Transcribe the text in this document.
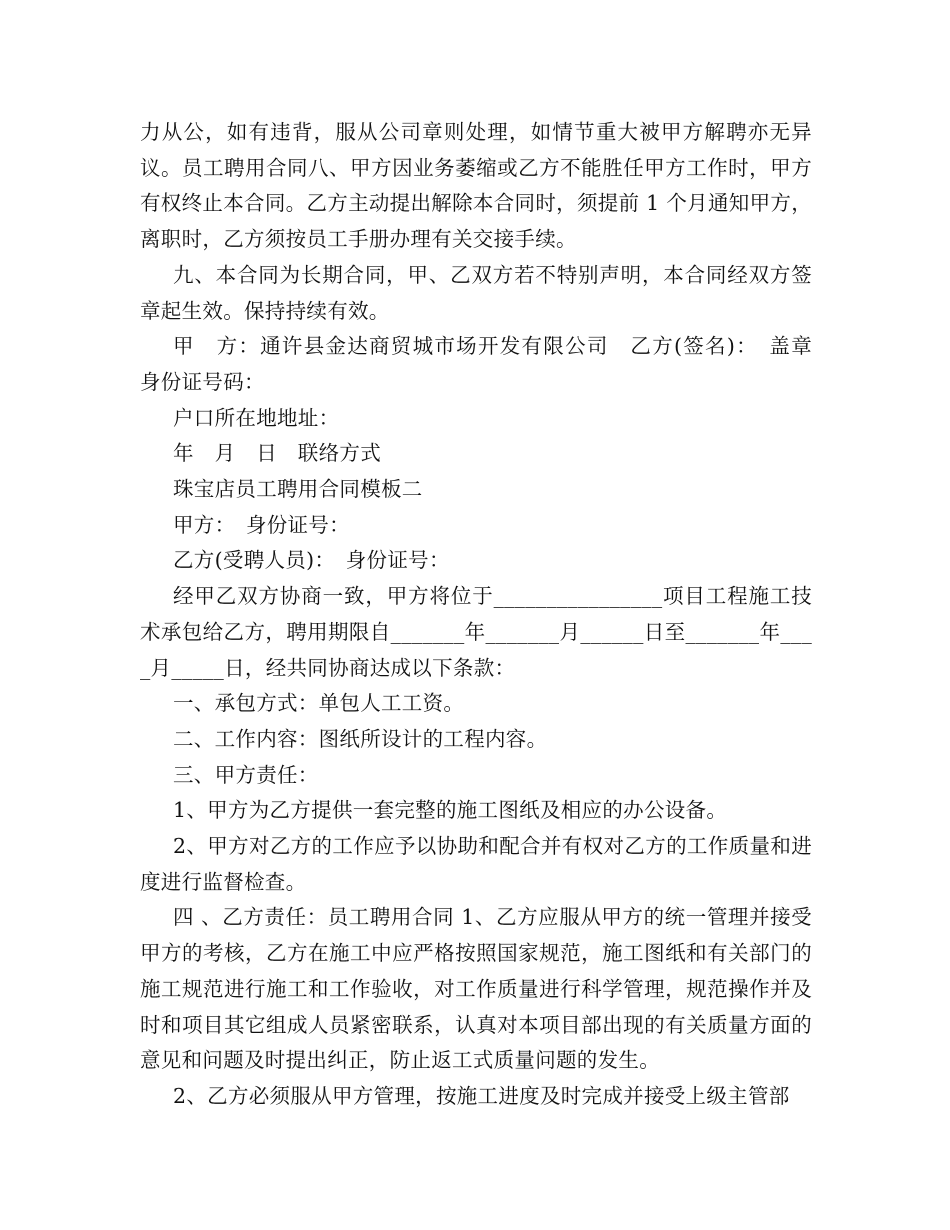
力从公，如有违背，服从公司章则处理，如情节重大被甲方解聘亦无异议。员工聘用合同八、甲方因业务萎缩或乙方不能胜任甲方工作时，甲方有权终止本合同。乙方主动提出解除本合同时，须提前 1 个月通知甲方，离职时，乙方须按员工手册办理有关交接手续。

九、本合同为长期合同，甲、乙双方若不特别声明，本合同经双方签章起生效。保持持续有效。

甲　方：通许县金达商贸城市场开发有限公司　乙方(签名)：　盖章　身份证号码：

户口所在地地址：

年　月　日　联络方式

珠宝店员工聘用合同模板二

甲方：　身份证号：

乙方(受聘人员)：　身份证号：

经甲乙双方协商一致，甲方将位于________________项目工程施工技术承包给乙方，聘用期限自_______年_______月______日至_______年____月_____日，经共同协商达成以下条款：

一、承包方式：单包人工工资。

二、工作内容：图纸所设计的工程内容。

三、甲方责任：

1、甲方为乙方提供一套完整的施工图纸及相应的办公设备。

2、甲方对乙方的工作应予以协助和配合并有权对乙方的工作质量和进度进行监督检查。

四 、乙方责任：员工聘用合同 1、乙方应服从甲方的统一管理并接受甲方的考核，乙方在施工中应严格按照国家规范，施工图纸和有关部门的施工规范进行施工和工作验收，对工作质量进行科学管理，规范操作并及时和项目其它组成人员紧密联系，认真对本项目部出现的有关质量方面的意见和问题及时提出纠正，防止返工式质量问题的发生。

2、乙方必须服从甲方管理，按施工进度及时完成并接受上级主管部
